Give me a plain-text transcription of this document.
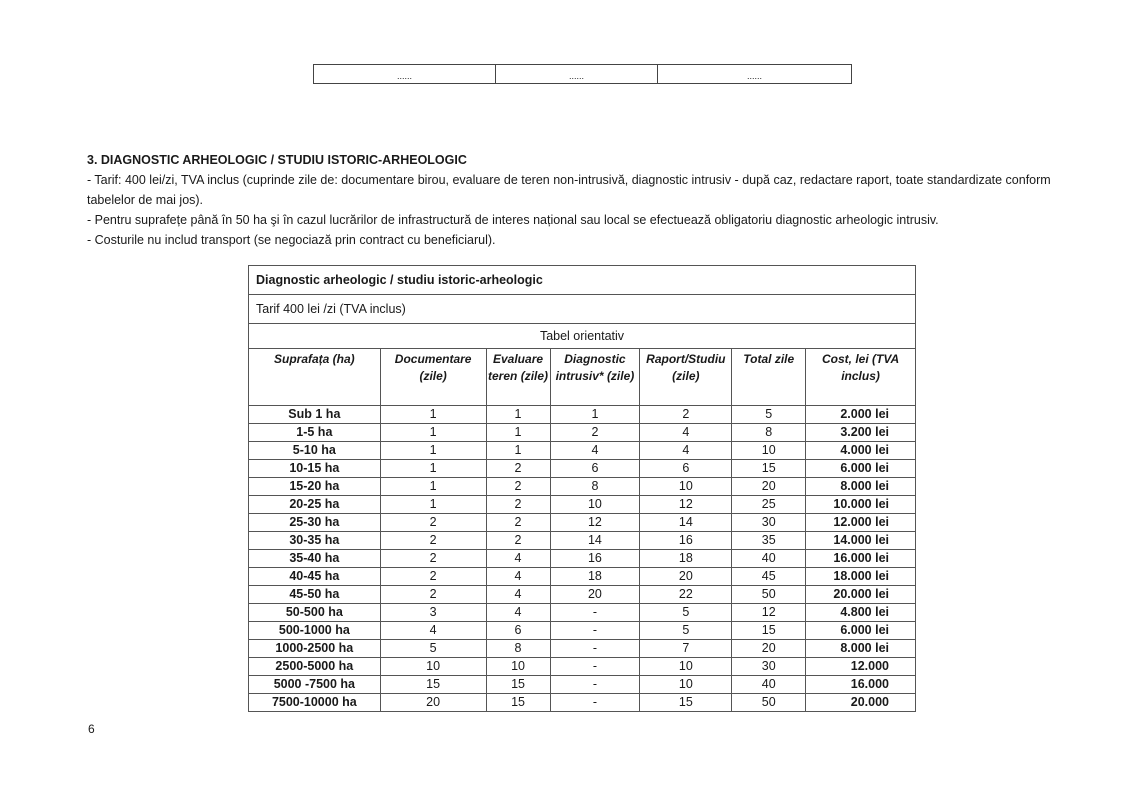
......	......	......
3. DIAGNOSTIC ARHEOLOGIC / STUDIU ISTORIC-ARHEOLOGIC

- Tarif: 400 lei/zi, TVA inclus (cuprinde zile de: documentare birou, evaluare de teren non-intrusivă, diagnostic intrusiv - după caz, redactare raport, toate standardizate conform tabelelor de mai jos).

- Pentru suprafețe până în 50 ha şi în cazul lucrărilor de infrastructură de interes național sau local se efectuează obligatoriu diagnostic arheologic intrusiv.

- Costurile nu includ transport (se negociază prin contract cu beneficiarul).

Diagnostic arheologic / studiu istoric-arheologic						
Tarif 400 lei /zi (TVA inclus)						
Tabel orientativ						
Suprafața (ha)	Documentare (zile)	Evaluare teren (zile)	Diagnostic intrusiv* (zile)	Raport/Studiu (zile)	Total zile	Cost, lei (TVA inclus)
Sub 1 ha	1	1	1	2	5	2.000 lei
1-5 ha	1	1	2	4	8	3.200 lei
5-10 ha	1	1	4	4	10	4.000 lei
10-15 ha	1	2	6	6	15	6.000 lei
15-20 ha	1	2	8	10	20	8.000 lei
20-25 ha	1	2	10	12	25	10.000 lei
25-30 ha	2	2	12	14	30	12.000 lei
30-35 ha	2	2	14	16	35	14.000 lei
35-40 ha	2	4	16	18	40	16.000 lei
40-45 ha	2	4	18	20	45	18.000 lei
45-50 ha	2	4	20	22	50	20.000 lei
50-500 ha	3	4	-	5	12	4.800 lei
500-1000 ha	4	6	-	5	15	6.000 lei
1000-2500 ha	5	8	-	7	20	8.000 lei
2500-5000 ha	10	10	-	10	30	12.000
5000 -7500 ha	15	15	-	10	40	16.000
7500-10000 ha	20	15	-	15	50	20.000
6
